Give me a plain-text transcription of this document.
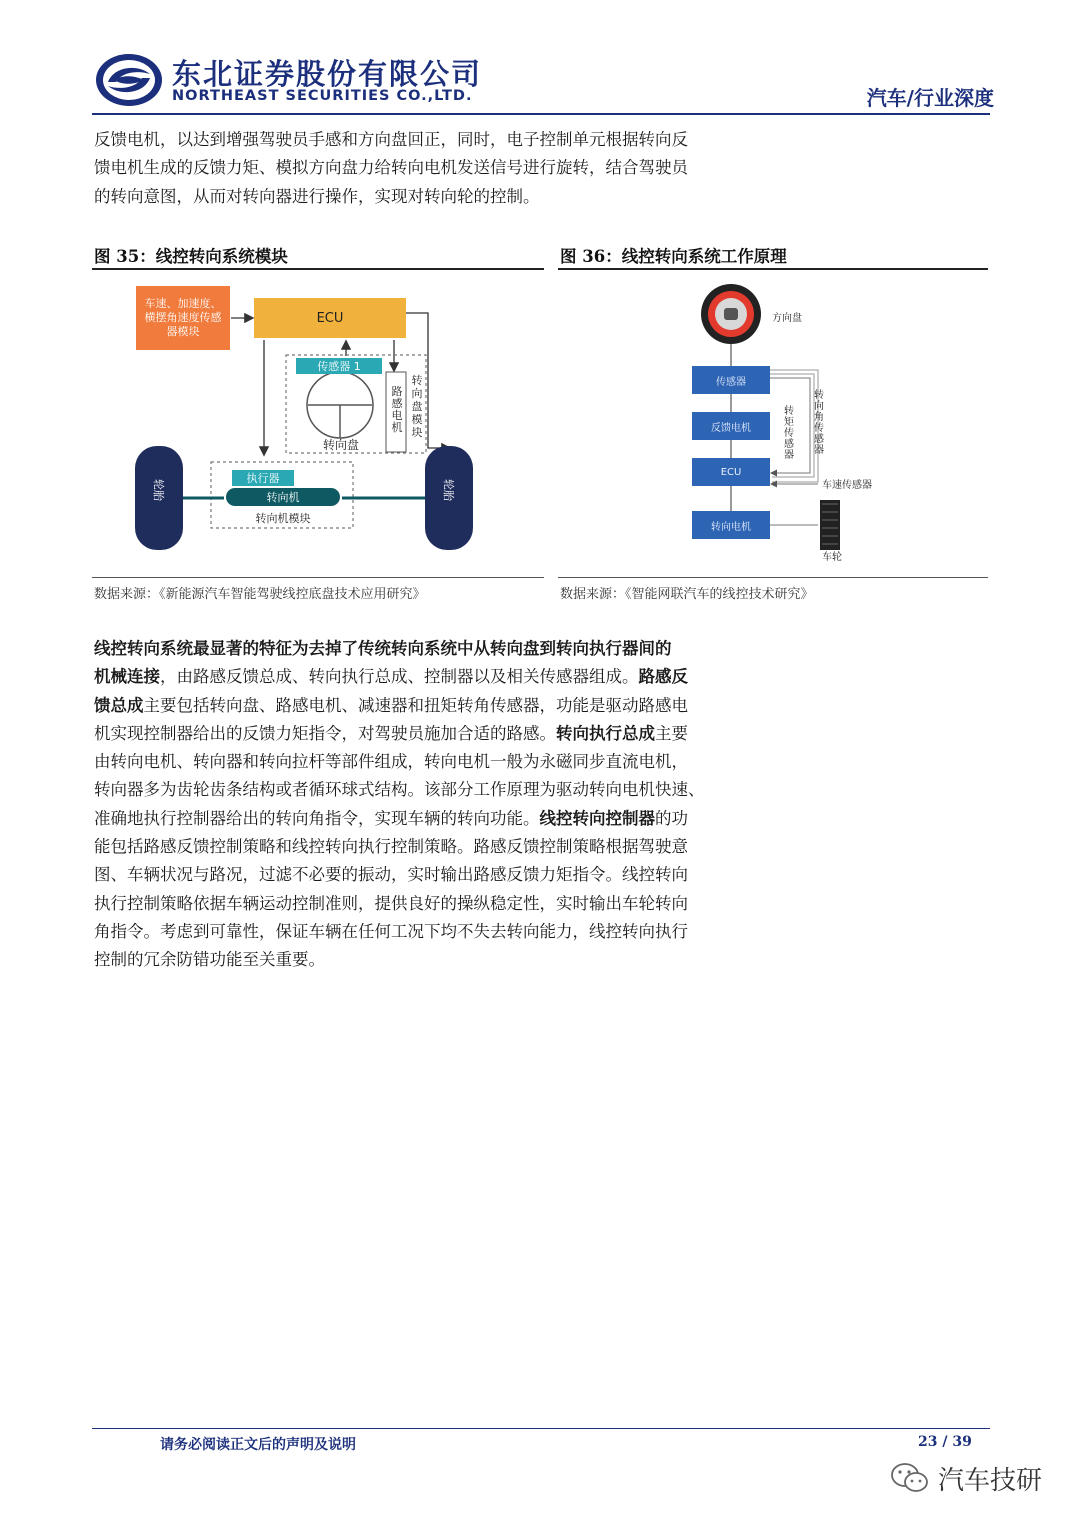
东北证券股份有限公司
NORTHEAST SECURITIES CO.,LTD.	汽车/行业深度
反馈电机，以达到增强驾驶员手感和方向盘回正，同时，电子控制单元根据转向反
馈电机生成的反馈力矩、模拟方向盘力给转向电机发送信号进行旋转，结合驾驶员
的转向意图，从而对转向器进行操作，实现对转向轮的控制。
图 35：线控转向系统模块
车速、加速度、横摆角速度传感器模块
ECU
传感器 1
路感电机
转向盘模块
转向盘
执行器
转向机
转向机模块
轮胎	轮胎
数据来源：《新能源汽车智能驾驶线控底盘技术应用研究》
图 36：线控转向系统工作原理
方向盘
传感器
反馈电机
ECU
转向电机
转矩传感器
转向角传感器
车速传感器
车轮
数据来源：《智能网联汽车的线控技术研究》
线控转向系统最显著的特征为去掉了传统转向系统中从转向盘到转向执行器间的
机械连接，由路感反馈总成、转向执行总成、控制器以及相关传感器组成。路感反
馈总成主要包括转向盘、路感电机、减速器和扭矩转角传感器，功能是驱动路感电
机实现控制器给出的反馈力矩指令，对驾驶员施加合适的路感。转向执行总成主要
由转向电机、转向器和转向拉杆等部件组成，转向电机一般为永磁同步直流电机，
转向器多为齿轮齿条结构或者循环球式结构。该部分工作原理为驱动转向电机快速、
准确地执行控制器给出的转向角指令，实现车辆的转向功能。线控转向控制器的功
能包括路感反馈控制策略和线控转向执行控制策略。路感反馈控制策略根据驾驶意
图、车辆状况与路况，过滤不必要的振动，实时输出路感反馈力矩指令。线控转向
执行控制策略依据车辆运动控制准则，提供良好的操纵稳定性，实时输出车轮转向
角指令。考虑到可靠性，保证车辆在任何工况下均不失去转向能力，线控转向执行
控制的冗余防错功能至关重要。
请务必阅读正文后的声明及说明	23 / 39
汽车技研
